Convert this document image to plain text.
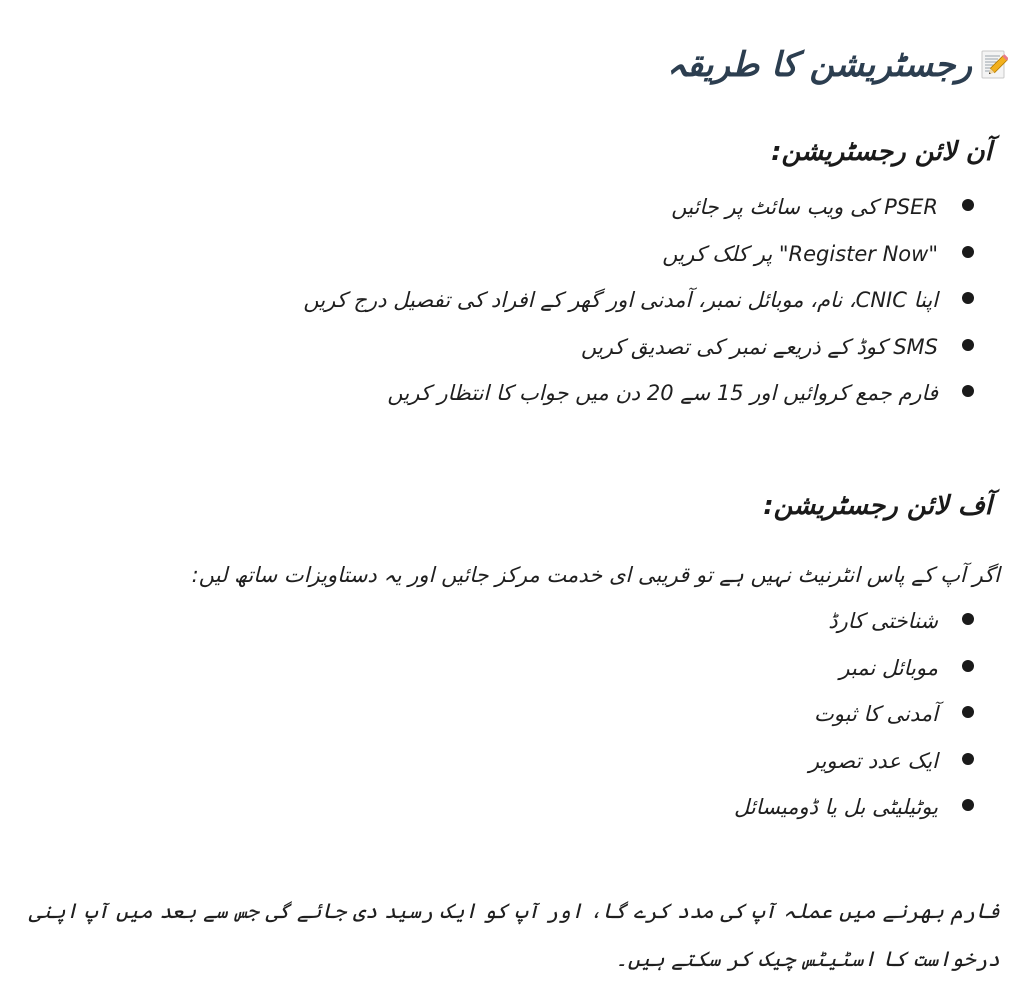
رجسٹریشن کا طریقہ
آن لائن رجسٹریشن:
PSER کی ویب سائٹ پر جائیں
"Register Now" پر کلک کریں
اپنا CNIC، نام، موبائل نمبر، آمدنی اور گھر کے افراد کی تفصیل درج کریں
SMS کوڈ کے ذریعے نمبر کی تصدیق کریں
فارم جمع کروائیں اور 15 سے 20 دن میں جواب کا انتظار کریں
آف لائن رجسٹریشن:

اگر آپ کے پاس انٹرنیٹ نہیں ہے تو قریبی ای خدمت مرکز جائیں اور یہ دستاویزات ساتھ لیں:

شناختی کارڈ
موبائل نمبر
آمدنی کا ثبوت
ایک عدد تصویر
یوٹیلیٹی بل یا ڈومیسائل

فارم بھرنے میں عملہ آپ کی مدد کرے گا، اور آپ کو ایک رسید دی جائے گی جس سے بعد میں آپ اپنی درخواست کا اسٹیٹس چیک کر سکتے ہیں۔
